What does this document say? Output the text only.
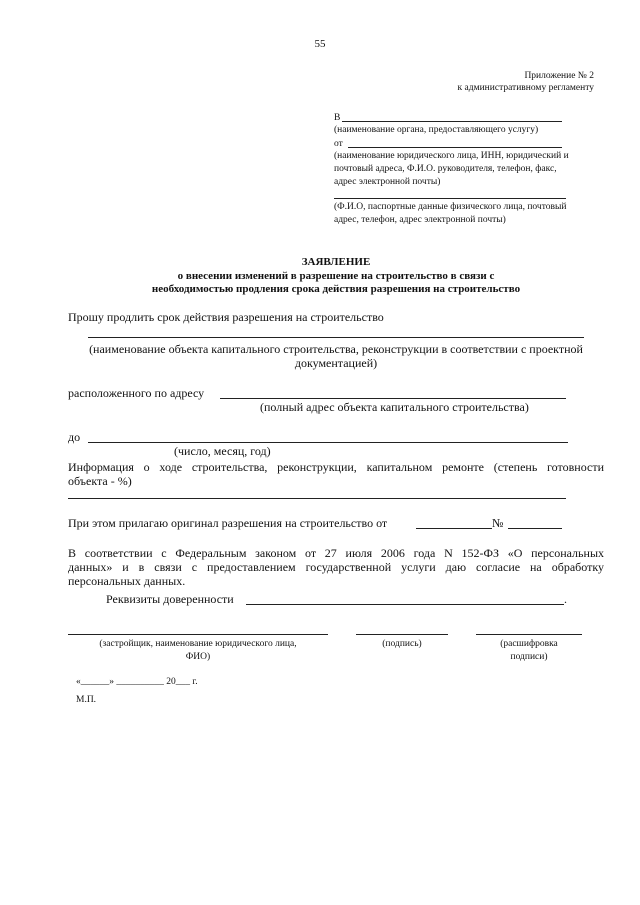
55
Приложение № 2
к административному регламенту
В
(наименование органа, предоставляющего услугу)
от
(наименование юридического лица, ИНН, юридический и
почтовый адреса, Ф.И.О. руководителя, телефон, факс,
адрес электронной почты)
(Ф.И.О, паспортные данные физического лица, почтовый
адрес, телефон, адрес электронной почты)
ЗАЯВЛЕНИЕ
о внесении изменений в разрешение на строительство в связи с
необходимостью продления срока действия разрешения на строительство
Прошу продлить срок действия разрешения на строительство
(наименование объекта капитального строительства, реконструкции в соответствии с проектной
документацией)
расположенного по адресу
(полный адрес объекта капитального строительства)
до
(число, месяц, год)
Информация о ходе строительства, реконструкции, капитальном ремонте (степень готовности
объекта - %)
При этом прилагаю оригинал разрешения на строительство от	№
В соответствии с Федеральным законом от 27 июля 2006 года N 152-ФЗ «О персональных
данных» и в связи с предоставлением государственной услуги даю согласие на обработку
персональных данных.
Реквизиты доверенности	.
(застройщик, наименование юридического лица,
ФИО)
(подпись)	(расшифровка
подписи)
«______» __________ 20___ г.
М.П.
